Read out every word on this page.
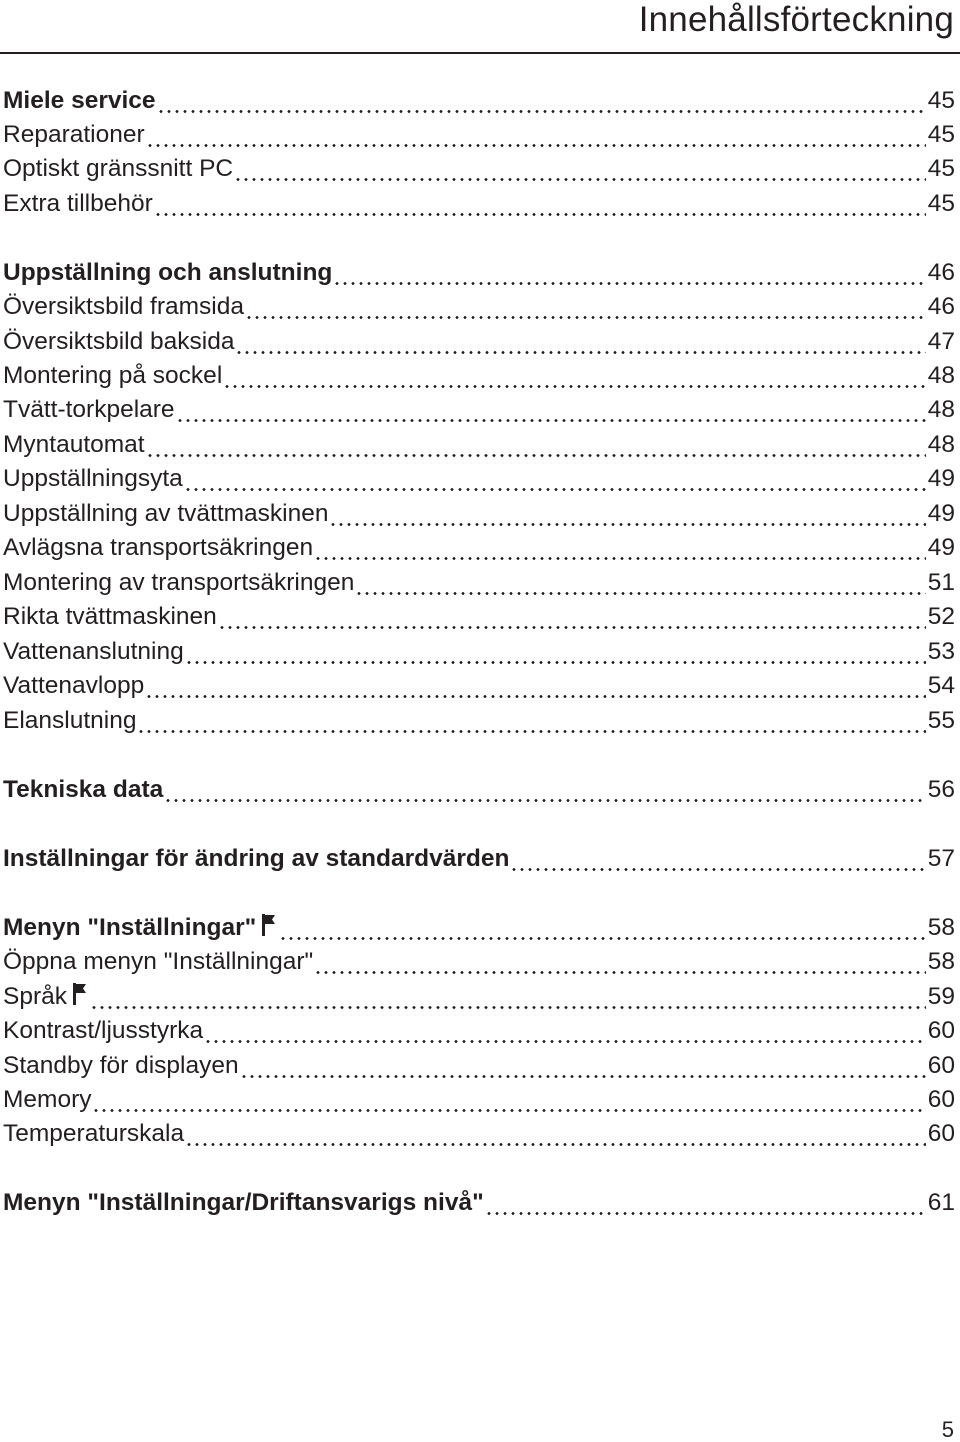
Innehållsförteckning
Miele service	45
Reparationer	45
Optiskt gränssnitt PC	45
Extra tillbehör	45
Uppställning och anslutning	46
Översiktsbild framsida	46
Översiktsbild baksida	47
Montering på sockel	48
Tvätt-torkpelare	48
Myntautomat	48
Uppställningsyta	49
Uppställning av tvättmaskinen	49
Avlägsna transportsäkringen	49
Montering av transportsäkringen	51
Rikta tvättmaskinen	52
Vattenanslutning	53
Vattenavlopp	54
Elanslutning	55
Tekniska data	56
Inställningar för ändring av standardvärden	57
Menyn "Inställningar"	58
Öppna menyn "Inställningar"	58
Språk	59
Kontrast/ljusstyrka	60
Standby för displayen	60
Memory	60
Temperaturskala	60
Menyn "Inställningar/Driftansvarigs nivå"	61
5
